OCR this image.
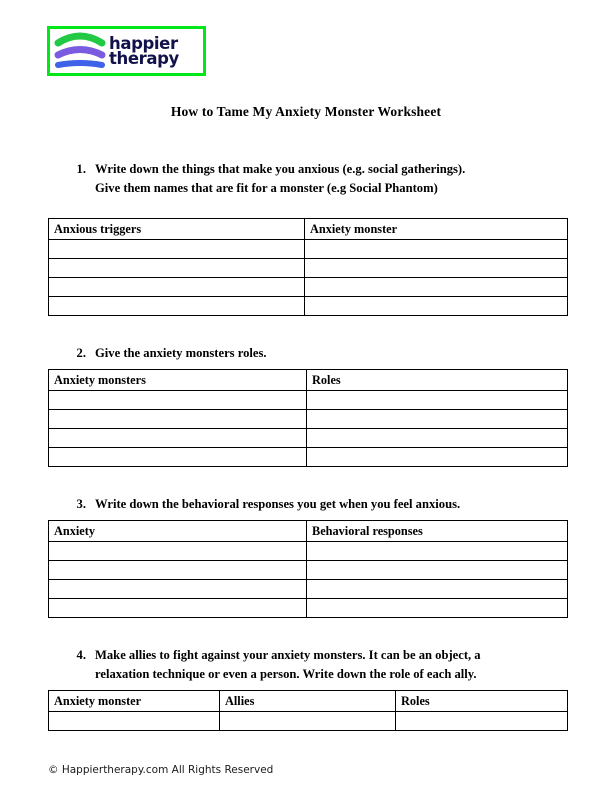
happier
therapy
How to Tame My Anxiety Monster Worksheet
1. Write down the things that make you anxious (e.g. social gatherings).
Give them names that are fit for a monster (e.g Social Phantom)
Anxious triggers	Anxiety monster

2. Give the anxiety monsters roles.
Anxiety monsters	Roles

3. Write down the behavioral responses you get when you feel anxious.
Anxiety	Behavioral responses

4. Make allies to fight against your anxiety monsters. It can be an object, a
relaxation technique or even a person. Write down the role of each ally.
Anxiety monster	Allies	Roles

© Happiertherapy.com All Rights Reserved
